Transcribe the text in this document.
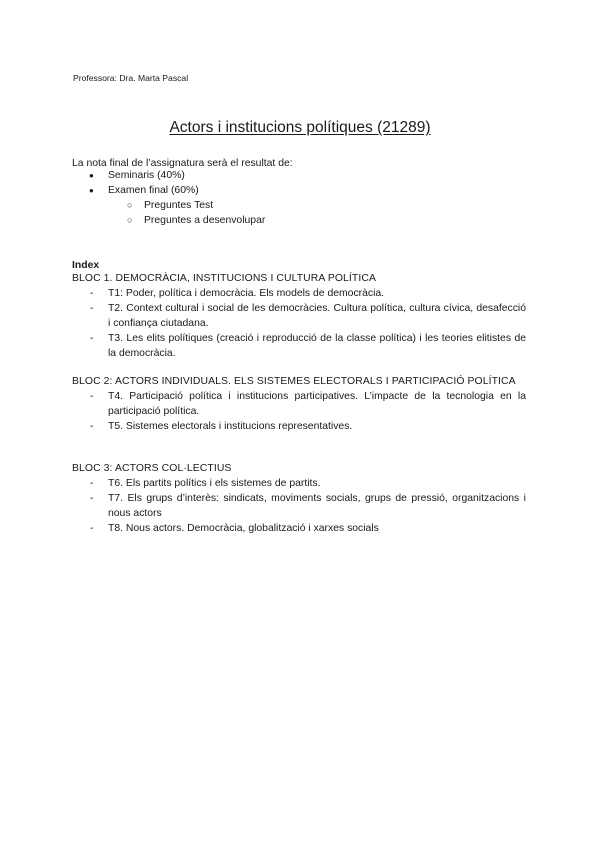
Professora: Dra. Marta Pascal
Actors i institucions polítiques (21289)
La nota final de l’assignatura serà el resultat de:
● Seminaris (40%)
● Examen final (60%)
○ Preguntes Test
○ Preguntes a desenvolupar
Index
BLOC 1. DEMOCRÀCIA, INSTITUCIONS I CULTURA POLÍTICA
- T1: Poder, política i democràcia. Els models de democràcia.
- T2. Context cultural i social de les democràcies. Cultura política, cultura cívica, desafecció i confiança ciutadana.
- T3. Les elits polítiques (creació i reproducció de la classe política) i les teories elitistes de la democràcia.
BLOC 2: ACTORS INDIVIDUALS. ELS SISTEMES ELECTORALS I PARTICIPACIÓ POLÍTICA
- T4. Participació política i institucions participatives. L’impacte de la tecnologia en la participació política.
- T5. Sistemes electorals i institucions representatives.
BLOC 3: ACTORS COL·LECTIUS
- T6. Els partits polítics i els sistemes de partits.
- T7. Els grups d’interès: sindicats, moviments socials, grups de pressió, organitzacions i nous actors
- T8. Nous actors. Democràcia, globalització i xarxes socials
